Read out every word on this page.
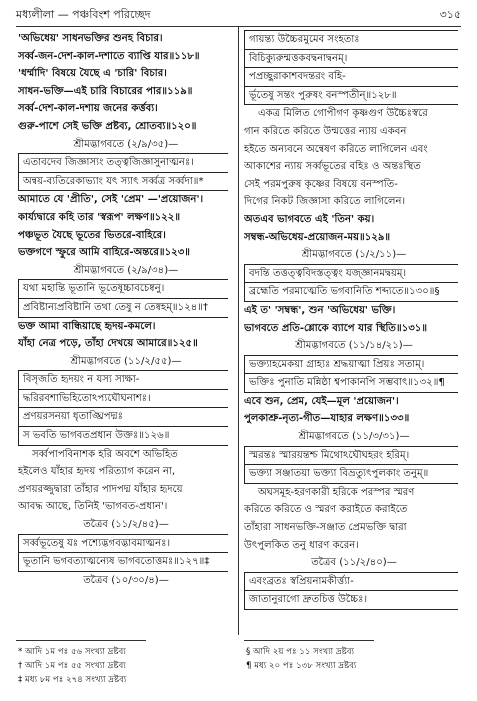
মধ্যলীলা — পঞ্চবিংশ পরিচ্ছেদ	৩১৫
'অভিধেয়' সাধনভক্তির শুনহ বিচার।
সর্ব্ব-জন-দেশ-কাল-দশাতে ব্যাপ্তি যার॥১১৮॥
'ধর্ম্মাদি' বিষয়ে যৈছে এ 'চারি' বিচার।
সাধন-ভক্তি—এই চারি বিচারের পার॥১১৯॥
সর্ব্ব-দেশ-কাল-দশায় জনের কর্ত্তব্য।
গুরু-পাশে সেই ভক্তি প্রষ্টব্য, শ্রোতব্য॥১২০॥
শ্রীমদ্ভাগবতে (২/৯/৩৫)—
এতাবদেব জিজ্ঞাস্যং তত্ত্বজিজ্ঞাসুনাত্মনঃ।
অন্বয়-ব্যতিরেকাভ্যাং যৎ স্যাৎ সর্ব্বত্র সর্ব্বদা॥*
আমাতে যে 'প্রীতি', সেই 'প্রেম' —'প্রয়োজন'।
কার্য্যদ্বারে কহি তার 'স্বরূপ' লক্ষণ॥১২২॥
পঞ্চভূত যৈছে ভূতের ভিতরে-বাহিরে।
ভক্তগণে স্ফুরে আমি বাহিরে-অন্তরে॥১২৩॥
শ্রীমদ্ভাগবতে (২/৯/৩৪)—
যথা মহান্তি ভূতানি ভূতেষূচ্চাবচেষ্বনু।
প্রবিষ্টান্যপ্রবিষ্টানি তথা তেষু ন তেষ্বহম্॥১২৪॥†
ভক্ত আমা বান্ধিয়াছে হৃদয়-কমলে।
যাঁহা নেত্র পড়ে, তাঁহা দেখয়ে আমারে॥১২৫॥
শ্রীমদ্ভাগবতে (১১/২/৫৫)—
বিসৃজতি হৃদয়ং ন যস্য সাক্ষা-
দ্ধরিরবশাভিহিতোঽপ্যঘৌঘনাশঃ।
প্রণয়রসনয়া ধৃতাঙ্ঘ্রিপদ্মঃ
স ভবতি ভাগবতপ্রধান উক্তঃ॥১২৬॥
সর্ব্বপাপবিনাশক হরি অবশে অভিহিত
হইলেও যাঁহার হৃদয় পরিত্যাগ করেন না,
প্রণয়রজ্জুদ্বারা তাঁহার পাদপদ্ম যাঁহার হৃদয়ে
আবদ্ধ আছে, তিনিই 'ভাগবত-প্রধান'।
তত্রৈব (১১/২/৪৫)—
সর্ব্বভূতেষু যঃ পশ্যেদ্ভগবদ্ভাবমাত্মনঃ।
ভূতানি ভগবত্যাত্মন্যেষ ভাগবতোত্তমঃ॥১২৭॥‡
তত্রৈব (১০/৩০/৪)—
গায়ন্ত্য উচ্চৈরমুমেব সংহতাঃ
বিচিক্যুরুন্মত্তকবদ্বনাদ্বনম্।
পপ্রচ্ছুরাকাশবদন্তরং বহি-
র্ভূতেষু সন্তং পুরুষং বনস্পতীন্॥১২৮॥
একত্র মিলিত গোপীগণ কৃষ্ণগুণ উচ্চৈঃস্বরে
গান করিতে করিতে উন্মত্তের ন্যায় একবন
হইতে অন্যবনে অন্বেষণ করিতে লাগিলেন এবং
আকাশের ন্যায় সর্ব্বভূতের বহিঃ ও অন্তঃস্থিত
সেই পরমপুরুষ কৃষ্ণের বিষয়ে বনস্পতি-
দিগের নিকট জিজ্ঞাসা করিতে লাগিলেন।
অতএব ভাগবতে এই 'তিন' কয়।
সম্বন্ধ-অভিধেয়-প্রয়োজন-ময়॥১২৯॥
শ্রীমদ্ভাগবতে (১/২/১১)—
বদন্তি তত্তত্ত্ববিদস্তত্ত্বং যজ্জ্ঞানমদ্বয়ম্।
ব্রহ্মেতি পরমাত্মেতি ভগবানিতি শব্দ্যতে॥১৩০॥§
এই ত' 'সম্বন্ধ', শুন 'অভিধেয়' ভক্তি।
ভাগবতে প্রতি-শ্লোকে ব্যাপে যার স্থিতি॥১৩১॥
শ্রীমদ্ভাগবতে (১১/১৪/২১)—
ভক্ত্যাহমেকয়া গ্রাহ্যঃ শ্রদ্ধয়াত্মা প্রিয়ঃ সতাম্।
ভক্তিঃ পুনাতি মন্নিষ্ঠা শ্বপাকানপি সম্ভবাৎ॥১৩২॥¶
এবে শুন, প্রেম, যেই—মূল 'প্রয়োজন'।
পুলকাশ্রু-নৃত্য-গীত—যাহার লক্ষণ॥১৩৩॥
শ্রীমদ্ভাগবতে (১১/৩/৩১)—
স্মরন্তঃ স্মারয়ন্তশ্চ মিথোঽঘৌঘহরং হরিম্।
ভক্ত্যা সঞ্জাতয়া ভক্ত্যা বিভ্রত্যুৎপুলকাং তনুম্॥
অঘসমূহ-হরণকারী হরিকে পরস্পর স্মরণ
করিতে করিতে ও স্মরণ করাইতে করাইতে
তাঁহারা সাধনভক্তি-সঞ্জাত প্রেমভক্তি দ্বারা
উৎপুলকিত তনু ধারণ করেন।
তত্রৈব (১১/২/৪০)—
এবংব্রতঃ স্বপ্রিয়নামকীর্ত্ত্যা-
জাতানুরাগো দ্রুতচিত্ত উচ্চৈঃ।
* আদি ১ম পঃ ৫৬ সংখ্যা দ্রষ্টব্য
† আদি ১ম পঃ ৫৫ সংখ্যা দ্রষ্টব্য
‡ মধ্য ৮ম পঃ ২৭৪ সংখ্যা দ্রষ্টব্য
§ আদি ২য় পঃ ১১ সংখ্যা দ্রষ্টব্য
¶ মধ্য ২০ পঃ ১৩৮ সংখ্যা দ্রষ্টব্য
